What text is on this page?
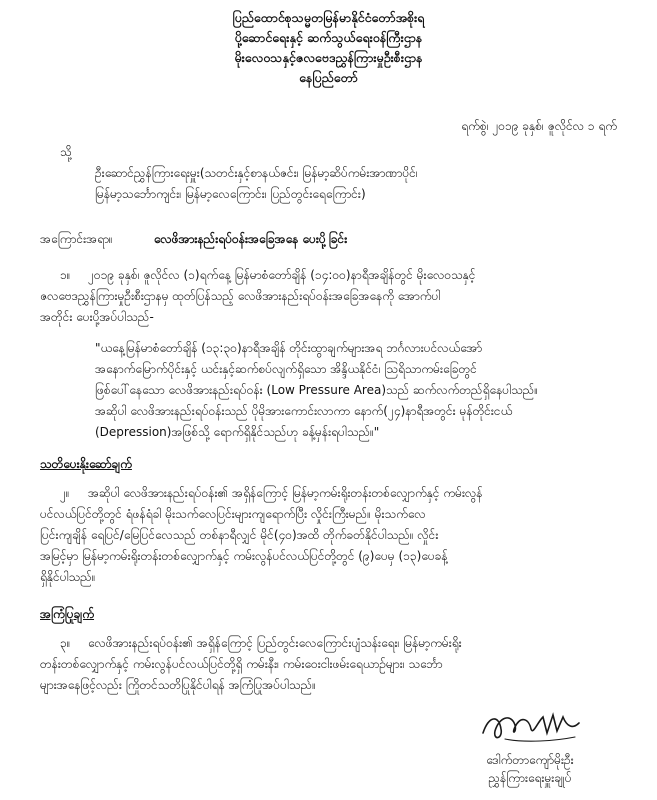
ပြည်ထောင်စုသမ္မတမြန်မာနိုင်ငံတော်အစိုးရ
ပို့ဆောင်ရေးနှင့် ဆက်သွယ်ရေးဝန်ကြီးဌာန
မိုးလေဝသနှင့်ဇလဗေဒညွှန်ကြားမှုဦးစီးဌာန
နေပြည်တော်
ရက်စွဲ၊ ၂၀၁၉ ခုနှစ်၊ ဇူလိုင်လ ၁ ရက်
သို့
ဦးဆောင်ညွှန်ကြားရေးမှူး(သတင်းနှင့်စာနယ်ဇင်း၊ မြန်မာ့ဆိပ်ကမ်းအာဏာပိုင်၊
မြန်မာ့သင်္ဘောကျင်း၊ မြန်မာ့လေကြောင်း၊ ပြည်တွင်းရေကြောင်း)
အကြောင်းအရာ။	လေဖိအားနည်းရပ်ဝန်းအခြေအနေ ပေးပို့ခြင်း
၁။ ၂၀၁၉ ခုနှစ်၊ ဇူလိုင်လ (၁)ရက်နေ့ မြန်မာစံတော်ချိန် (၁၄:၀၀)နာရီအချိန်တွင် မိုးလေဝသနှင့်
ဇလဗေဒညွှန်ကြားမှုဦးစီးဌာနမှ ထုတ်ပြန်သည့် လေဖိအားနည်းရပ်ဝန်းအခြေအနေကို အောက်ပါ
အတိုင်း ပေးပို့အပ်ပါသည်-
"ယနေ့မြန်မာစံတော်ချိန် (၁၃:၃၀)နာရီအချိန် တိုင်းထွာချက်များအရ ဘင်္ဂလားပင်လယ်အော်
အနောက်မြောက်ပိုင်းနှင့် ယင်းနှင့်ဆက်စပ်လျက်ရှိသော အိန္ဒိယနိုင်ငံ၊ သြရိသာကမ်းခြေတွင်
ဖြစ်ပေါ်နေသော လေဖိအားနည်းရပ်ဝန်း (Low Pressure Area)သည် ဆက်လက်တည်ရှိနေပါသည်။
အဆိုပါ လေဖိအားနည်းရပ်ဝန်းသည် ပိုမိုအားကောင်းလာကာ နောက်(၂၄)နာရီအတွင်း မုန်တိုင်းငယ်
(Depression)အဖြစ်သို့ ရောက်ရှိနိုင်သည်ဟု ခန့်မှန်းရပါသည်။"
သတိပေးနိုးဆော်ချက်
၂။ အဆိုပါ လေဖိအားနည်းရပ်ဝန်း၏ အရှိန်ကြောင့် မြန်မာ့ကမ်းရိုးတန်းတစ်လျှောက်နှင့် ကမ်းလွန်
ပင်လယ်ပြင်တို့တွင် ရံဖန်ရံခါ မိုးသက်လေပြင်းများကျရောက်ပြီး လှိုင်းကြီးမည်။ မိုးသက်လေ
ပြင်းကျချိန် ရေပြင်/မြေပြင်လေသည် တစ်နာရီလျှင် မိုင်(၄၀)အထိ တိုက်ခတ်နိုင်ပါသည်။ လှိုင်း
အမြင့်မှာ မြန်မာ့ကမ်းရိုးတန်းတစ်လျှောက်နှင့် ကမ်းလွန်ပင်လယ်ပြင်တို့တွင် (၉)ပေမှ (၁၃)ပေခန့်
ရှိနိုင်ပါသည်။
အကြံပြုချက်
၃။ လေဖိအားနည်းရပ်ဝန်း၏ အရှိန်ကြောင့် ပြည်တွင်းလေကြောင်းပျံသန်းရေး၊ မြန်မာ့ကမ်းရိုး
တန်းတစ်လျှောက်နှင့် ကမ်းလွန်ပင်လယ်ပြင်တို့ရှိ ကမ်းနီး၊ ကမ်းဝေးငါးဖမ်းရေယာဉ်များ၊ သင်္ဘော
များအနေဖြင့်လည်း ကြိုတင်သတိပြုနိုင်ပါရန် အကြံပြုအပ်ပါသည်။
ဒေါက်တာကျော်မိုးဦး
ညွှန်ကြားရေးမှူးချုပ်
